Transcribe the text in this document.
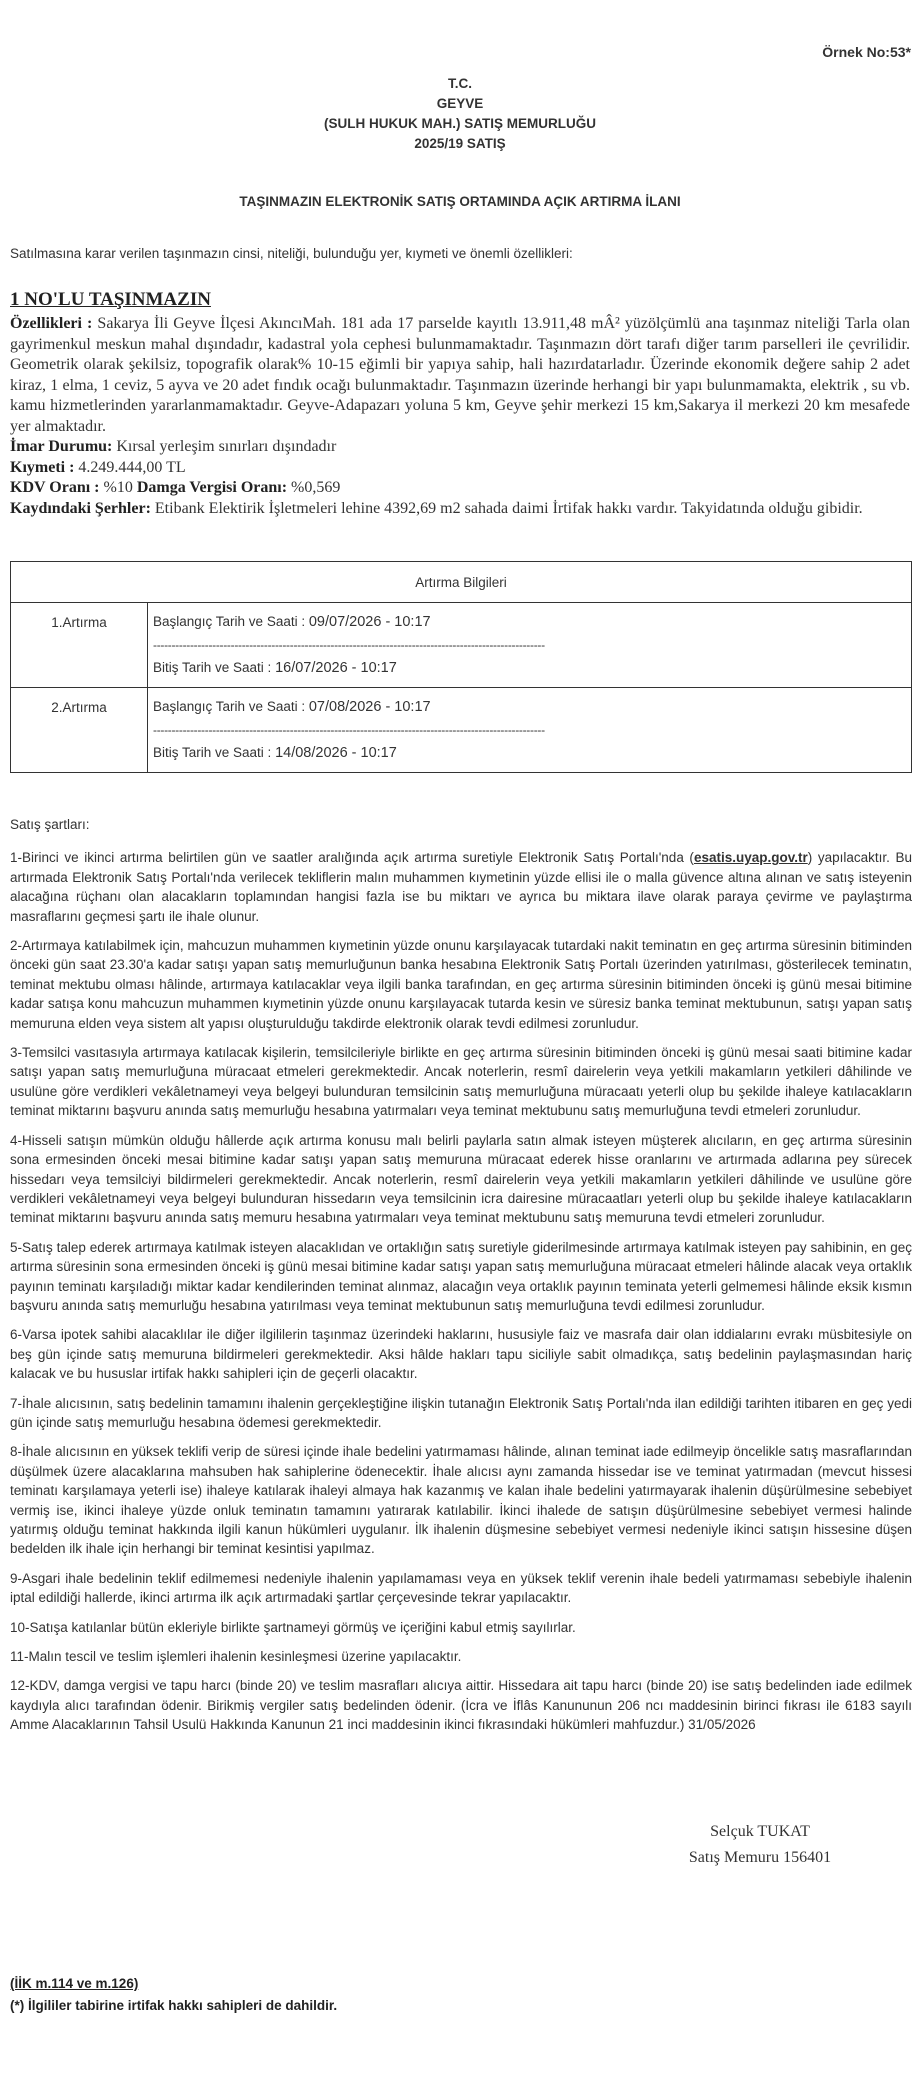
Örnek No:53*
T.C.
GEYVE
(SULH HUKUK MAH.) SATIŞ MEMURLUĞU
2025/19 SATIŞ
TAŞINMAZIN ELEKTRONİK SATIŞ ORTAMINDA AÇIK ARTIRMA İLANI
Satılmasına karar verilen taşınmazın cinsi, niteliği, bulunduğu yer, kıymeti ve önemli özellikleri:
1 NO'LU TAŞINMAZIN
Özellikleri : Sakarya İli Geyve İlçesi AkıncıMah. 181 ada 17 parselde kayıtlı 13.911,48 mÂ² yüzölçümlü ana taşınmaz niteliği Tarla olan gayrimenkul meskun mahal dışındadır, kadastral yola cephesi bulunmamaktadır. Taşınmazın dört tarafı diğer tarım parselleri ile çevrilidir. Geometrik olarak şekilsiz, topografik olarak% 10-15 eğimli bir yapıya sahip, hali hazırdatarladır. Üzerinde ekonomik değere sahip 2 adet kiraz, 1 elma, 1 ceviz, 5 ayva ve 20 adet fındık ocağı bulunmaktadır. Taşınmazın üzerinde herhangi bir yapı bulunmamakta, elektrik , su vb. kamu hizmetlerinden yararlanmamaktadır. Geyve-Adapazarı yoluna 5 km, Geyve şehir merkezi 15 km,Sakarya il merkezi 20 km mesafede yer almaktadır.
İmar Durumu: Kırsal yerleşim sınırları dışındadır
Kıymeti : 4.249.444,00 TL
KDV Oranı : %10 Damga Vergisi Oranı: %0,569
Kaydındaki Şerhler: Etibank Elektirik İşletmeleri lehine 4392,69 m2 sahada daimi İrtifak hakkı vardır. Takyidatında olduğu gibidir.
Artırma Bilgileri	
1.Artırma	Başlangıç Tarih ve Saati : 09/07/2026 - 10:17
----------------------------------------------------------------------------------------------------------
Bitiş Tarih ve Saati : 16/07/2026 - 10:17

2.Artırma	Başlangıç Tarih ve Saati : 07/08/2026 - 10:17
----------------------------------------------------------------------------------------------------------
Bitiş Tarih ve Saati : 14/08/2026 - 10:17

Satış şartları:

1-Birinci ve ikinci artırma belirtilen gün ve saatler aralığında açık artırma suretiyle Elektronik Satış Portalı'nda (esatis.uyap.gov.tr) yapılacaktır. Bu artırmada Elektronik Satış Portalı'nda verilecek tekliflerin malın muhammen kıymetinin yüzde ellisi ile o malla güvence altına alınan ve satış isteyenin alacağına rüçhanı olan alacakların toplamından hangisi fazla ise bu miktarı ve ayrıca bu miktara ilave olarak paraya çevirme ve paylaştırma masraflarını geçmesi şartı ile ihale olunur.

2-Artırmaya katılabilmek için, mahcuzun muhammen kıymetinin yüzde onunu karşılayacak tutardaki nakit teminatın en geç artırma süresinin bitiminden önceki gün saat 23.30'a kadar satışı yapan satış memurluğunun banka hesabına Elektronik Satış Portalı üzerinden yatırılması, gösterilecek teminatın, teminat mektubu olması hâlinde, artırmaya katılacaklar veya ilgili banka tarafından, en geç artırma süresinin bitiminden önceki iş günü mesai bitimine kadar satışa konu mahcuzun muhammen kıymetinin yüzde onunu karşılayacak tutarda kesin ve süresiz banka teminat mektubunun, satışı yapan satış memuruna elden veya sistem alt yapısı oluşturulduğu takdirde elektronik olarak tevdi edilmesi zorunludur.

3-Temsilci vasıtasıyla artırmaya katılacak kişilerin, temsilcileriyle birlikte en geç artırma süresinin bitiminden önceki iş günü mesai saati bitimine kadar satışı yapan satış memurluğuna müracaat etmeleri gerekmektedir. Ancak noterlerin, resmî dairelerin veya yetkili makamların yetkileri dâhilinde ve usulüne göre verdikleri vekâletnameyi veya belgeyi bulunduran temsilcinin satış memurluğuna müracaatı yeterli olup bu şekilde ihaleye katılacakların teminat miktarını başvuru anında satış memurluğu hesabına yatırmaları veya teminat mektubunu satış memurluğuna tevdi etmeleri zorunludur.

4-Hisseli satışın mümkün olduğu hâllerde açık artırma konusu malı belirli paylarla satın almak isteyen müşterek alıcıların, en geç artırma süresinin sona ermesinden önceki mesai bitimine kadar satışı yapan satış memuruna müracaat ederek hisse oranlarını ve artırmada adlarına pey sürecek hissedarı veya temsilciyi bildirmeleri gerekmektedir. Ancak noterlerin, resmî dairelerin veya yetkili makamların yetkileri dâhilinde ve usulüne göre verdikleri vekâletnameyi veya belgeyi bulunduran hissedarın veya temsilcinin icra dairesine müracaatları yeterli olup bu şekilde ihaleye katılacakların teminat miktarını başvuru anında satış memuru hesabına yatırmaları veya teminat mektubunu satış memuruna tevdi etmeleri zorunludur.

5-Satış talep ederek artırmaya katılmak isteyen alacaklıdan ve ortaklığın satış suretiyle giderilmesinde artırmaya katılmak isteyen pay sahibinin, en geç artırma süresinin sona ermesinden önceki iş günü mesai bitimine kadar satışı yapan satış memurluğuna müracaat etmeleri hâlinde alacak veya ortaklık payının teminatı karşıladığı miktar kadar kendilerinden teminat alınmaz, alacağın veya ortaklık payının teminata yeterli gelmemesi hâlinde eksik kısmın başvuru anında satış memurluğu hesabına yatırılması veya teminat mektubunun satış memurluğuna tevdi edilmesi zorunludur.

6-Varsa ipotek sahibi alacaklılar ile diğer ilgililerin taşınmaz üzerindeki haklarını, hususiyle faiz ve masrafa dair olan iddialarını evrakı müsbitesiyle on beş gün içinde satış memuruna bildirmeleri gerekmektedir. Aksi hâlde hakları tapu siciliyle sabit olmadıkça, satış bedelinin paylaşmasından hariç kalacak ve bu hususlar irtifak hakkı sahipleri için de geçerli olacaktır.

7-İhale alıcısının, satış bedelinin tamamını ihalenin gerçekleştiğine ilişkin tutanağın Elektronik Satış Portalı'nda ilan edildiği tarihten itibaren en geç yedi gün içinde satış memurluğu hesabına ödemesi gerekmektedir.

8-İhale alıcısının en yüksek teklifi verip de süresi içinde ihale bedelini yatırmaması hâlinde, alınan teminat iade edilmeyip öncelikle satış masraflarından düşülmek üzere alacaklarına mahsuben hak sahiplerine ödenecektir. İhale alıcısı aynı zamanda hissedar ise ve teminat yatırmadan (mevcut hissesi teminatı karşılamaya yeterli ise) ihaleye katılarak ihaleyi almaya hak kazanmış ve kalan ihale bedelini yatırmayarak ihalenin düşürülmesine sebebiyet vermiş ise, ikinci ihaleye yüzde onluk teminatın tamamını yatırarak katılabilir. İkinci ihalede de satışın düşürülmesine sebebiyet vermesi halinde yatırmış olduğu teminat hakkında ilgili kanun hükümleri uygulanır. İlk ihalenin düşmesine sebebiyet vermesi nedeniyle ikinci satışın hissesine düşen bedelden ilk ihale için herhangi bir teminat kesintisi yapılmaz.

9-Asgari ihale bedelinin teklif edilmemesi nedeniyle ihalenin yapılamaması veya en yüksek teklif verenin ihale bedeli yatırmaması sebebiyle ihalenin iptal edildiği hallerde, ikinci artırma ilk açık artırmadaki şartlar çerçevesinde tekrar yapılacaktır.

10-Satışa katılanlar bütün ekleriyle birlikte şartnameyi görmüş ve içeriğini kabul etmiş sayılırlar.

11-Malın tescil ve teslim işlemleri ihalenin kesinleşmesi üzerine yapılacaktır.

12-KDV, damga vergisi ve tapu harcı (binde 20) ve teslim masrafları alıcıya aittir. Hissedara ait tapu harcı (binde 20) ise satış bedelinden iade edilmek kaydıyla alıcı tarafından ödenir. Birikmiş vergiler satış bedelinden ödenir. (İcra ve İflâs Kanununun 206 ncı maddesinin birinci fıkrası ile 6183 sayılı Amme Alacaklarının Tahsil Usulü Hakkında Kanunun 21 inci maddesinin ikinci fıkrasındaki hükümleri mahfuzdur.) 31/05/2026

Selçuk TUKAT
Satış Memuru 156401
(İİK m.114 ve m.126)
(*) İlgililer tabirine irtifak hakkı sahipleri de dahildir.
